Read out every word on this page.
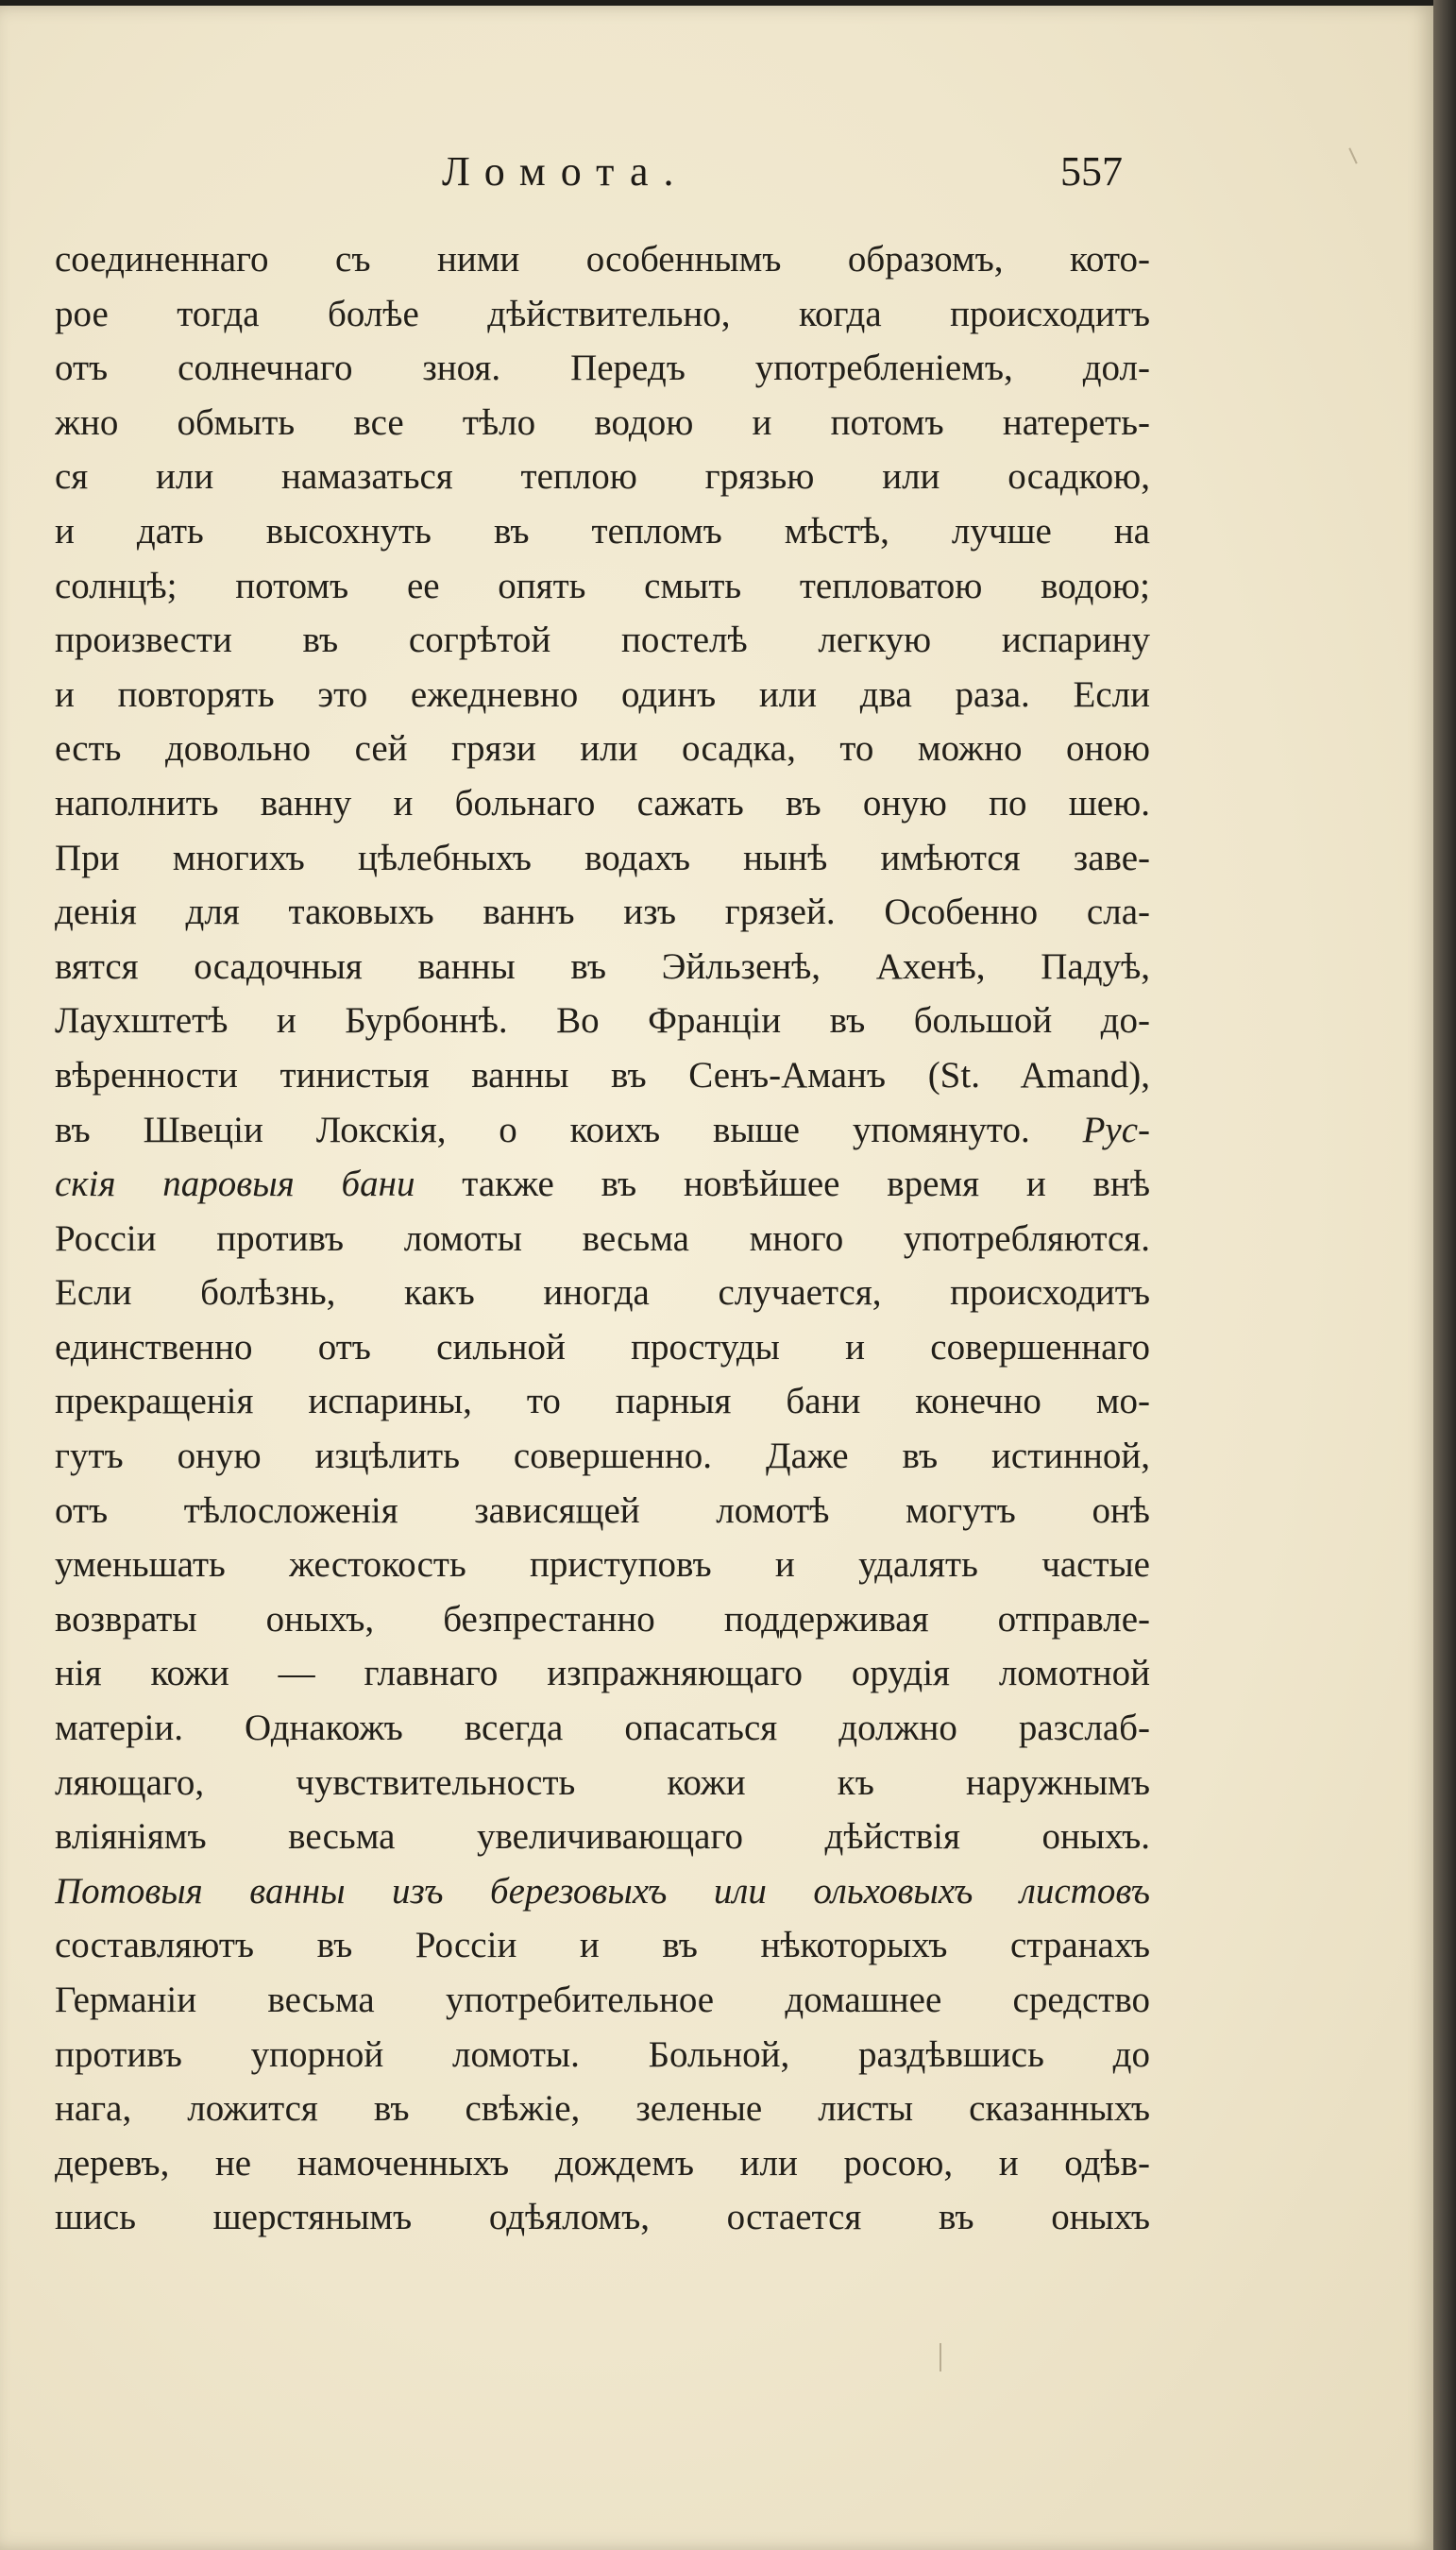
Ломота.	557
соединеннаго съ ними особеннымъ образомъ, кото-
рое тогда болѣе дѣйствительно, когда происходитъ
отъ солнечнаго зноя. Передъ употребленіемъ, дол-
жно обмыть все тѣло водою и потомъ натереть-
ся или намазаться теплою грязью или осадкою,
и дать высохнуть въ тепломъ мѣстѣ, лучше на
солнцѣ; потомъ ее опять смыть тепловатою водою;
произвести въ согрѣтой постелѣ легкую испарину
и повторять это ежедневно одинъ или два раза. Если
есть довольно сей грязи или осадка, то можно оною
наполнить ванну и больнаго сажать въ оную по шею.
При многихъ цѣлебныхъ водахъ нынѣ имѣются заве-
денія для таковыхъ ваннъ изъ грязей. Особенно сла-
вятся осадочныя ванны въ Эйльзенѣ, Ахенѣ, Падуѣ,
Лаухштетѣ и Бурбоннѣ. Во Франціи въ большой до-
вѣренности тинистыя ванны въ Сенъ-Аманъ (St. Amand),
въ Швеціи Локскія, о коихъ выше упомянуто. Рус-
скія паровыя бани также въ новѣйшее время и внѣ
Россіи противъ ломоты весьма много употребляются.
Если болѣзнь, какъ иногда случается, происходитъ
единственно отъ сильной простуды и совершеннаго
прекращенія испарины, то парныя бани конечно мо-
гутъ оную изцѣлить совершенно. Даже въ истинной,
отъ тѣлосложенія зависящей ломотѣ могутъ онѣ
уменьшать жестокость приступовъ и удалять частые
возвраты оныхъ, безпрестанно поддерживая отправле-
нія кожи — главнаго изпражняющаго орудія ломотной
матеріи. Однакожъ всегда опасаться должно разслаб-
ляющаго, чувствительность кожи къ наружнымъ
вліяніямъ весьма увеличивающаго дѣйствія оныхъ.
Потовыя ванны изъ березовыхъ или ольховыхъ листовъ
составляютъ въ Россіи и въ нѣкоторыхъ странахъ
Германіи весьма употребительное домашнее средство
противъ упорной ломоты. Больной, раздѣвшись до
нага, ложится въ свѣжіе, зеленые листы сказанныхъ
деревъ, не намоченныхъ дождемъ или росою, и одѣв-
шись шерстянымъ одѣяломъ, остается въ оныхъ
